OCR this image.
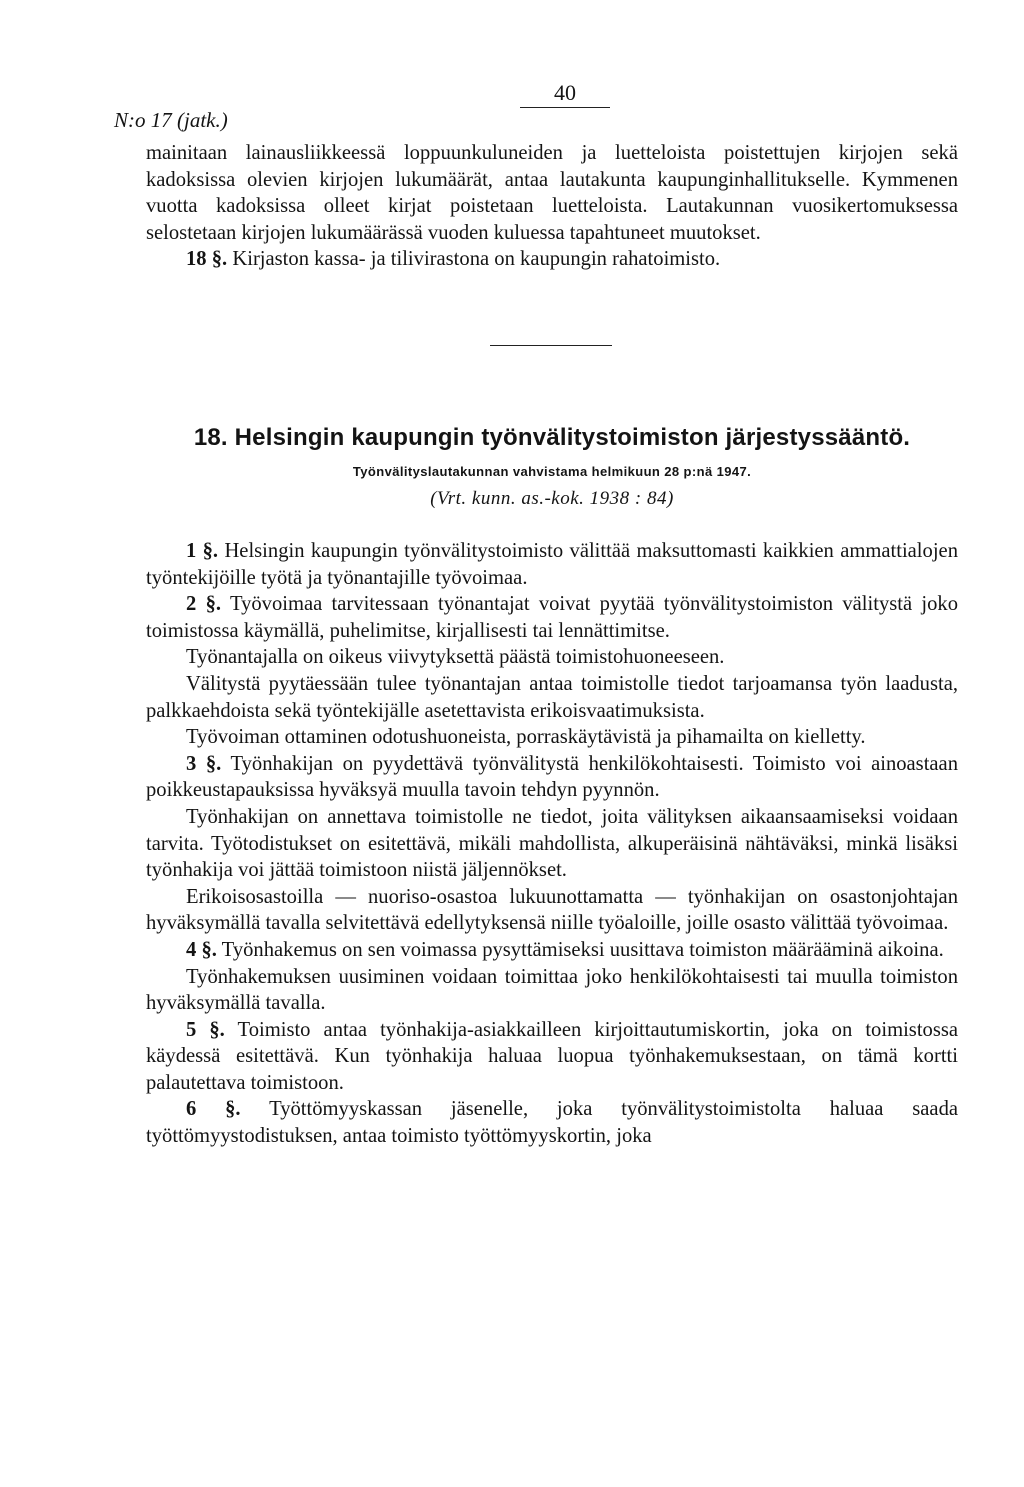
40
N:o 17 (jatk.)

mainitaan lainausliikkeessä loppuunkuluneiden ja luetteloista poistettujen kirjojen sekä kadoksissa olevien kirjojen lukumäärät, antaa lautakunta kaupunginhallitukselle. Kymmenen vuotta kadoksissa olleet kirjat poistetaan luetteloista. Lautakunnan vuosikertomuksessa selostetaan kirjojen lukumäärässä vuoden kuluessa tapahtuneet muutokset.

18 §. Kirjaston kassa- ja tilivirastona on kaupungin rahatoimisto.

18. Helsingin kaupungin työnvälitystoimiston järjestyssääntö.
Työnvälityslautakunnan vahvistama helmikuun 28 p:nä 1947.
(Vrt. kunn. as.-kok. 1938 : 84)

1 §. Helsingin kaupungin työnvälitystoimisto välittää maksuttomasti kaikkien ammattialojen työntekijöille työtä ja työnantajille työvoimaa.

2 §. Työvoimaa tarvitessaan työnantajat voivat pyytää työnvälitystoimiston välitystä joko toimistossa käymällä, puhelimitse, kirjallisesti tai lennättimitse.

Työnantajalla on oikeus viivytyksettä päästä toimistohuoneeseen.

Välitystä pyytäessään tulee työnantajan antaa toimistolle tiedot tarjoamansa työn laadusta, palkkaehdoista sekä työntekijälle asetettavista erikoisvaatimuksista.

Työvoiman ottaminen odotushuoneista, porraskäytävistä ja pihamailta on kielletty.

3 §. Työnhakijan on pyydettävä työnvälitystä henkilökohtaisesti. Toimisto voi ainoastaan poikkeustapauksissa hyväksyä muulla tavoin tehdyn pyynnön.

Työnhakijan on annettava toimistolle ne tiedot, joita välityksen aikaansaamiseksi voidaan tarvita. Työtodistukset on esitettävä, mikäli mahdollista, alkuperäisinä nähtäväksi, minkä lisäksi työnhakija voi jättää toimistoon niistä jäljennökset.

Erikoisosastoilla — nuoriso-osastoa lukuunottamatta — työnhakijan on osastonjohtajan hyväksymällä tavalla selvitettävä edellytyksensä niille työaloille, joille osasto välittää työvoimaa.

4 §. Työnhakemus on sen voimassa pysyttämiseksi uusittava toimiston määrääminä aikoina.

Työnhakemuksen uusiminen voidaan toimittaa joko henkilökohtaisesti tai muulla toimiston hyväksymällä tavalla.

5 §. Toimisto antaa työnhakija-asiakkailleen kirjoittautumiskortin, joka on toimistossa käydessä esitettävä. Kun työnhakija haluaa luopua työnhakemuksestaan, on tämä kortti palautettava toimistoon.

6 §. Työttömyyskassan jäsenelle, joka työnvälitystoimistolta haluaa saada työttömyystodistuksen, antaa toimisto työttömyyskortin, joka
